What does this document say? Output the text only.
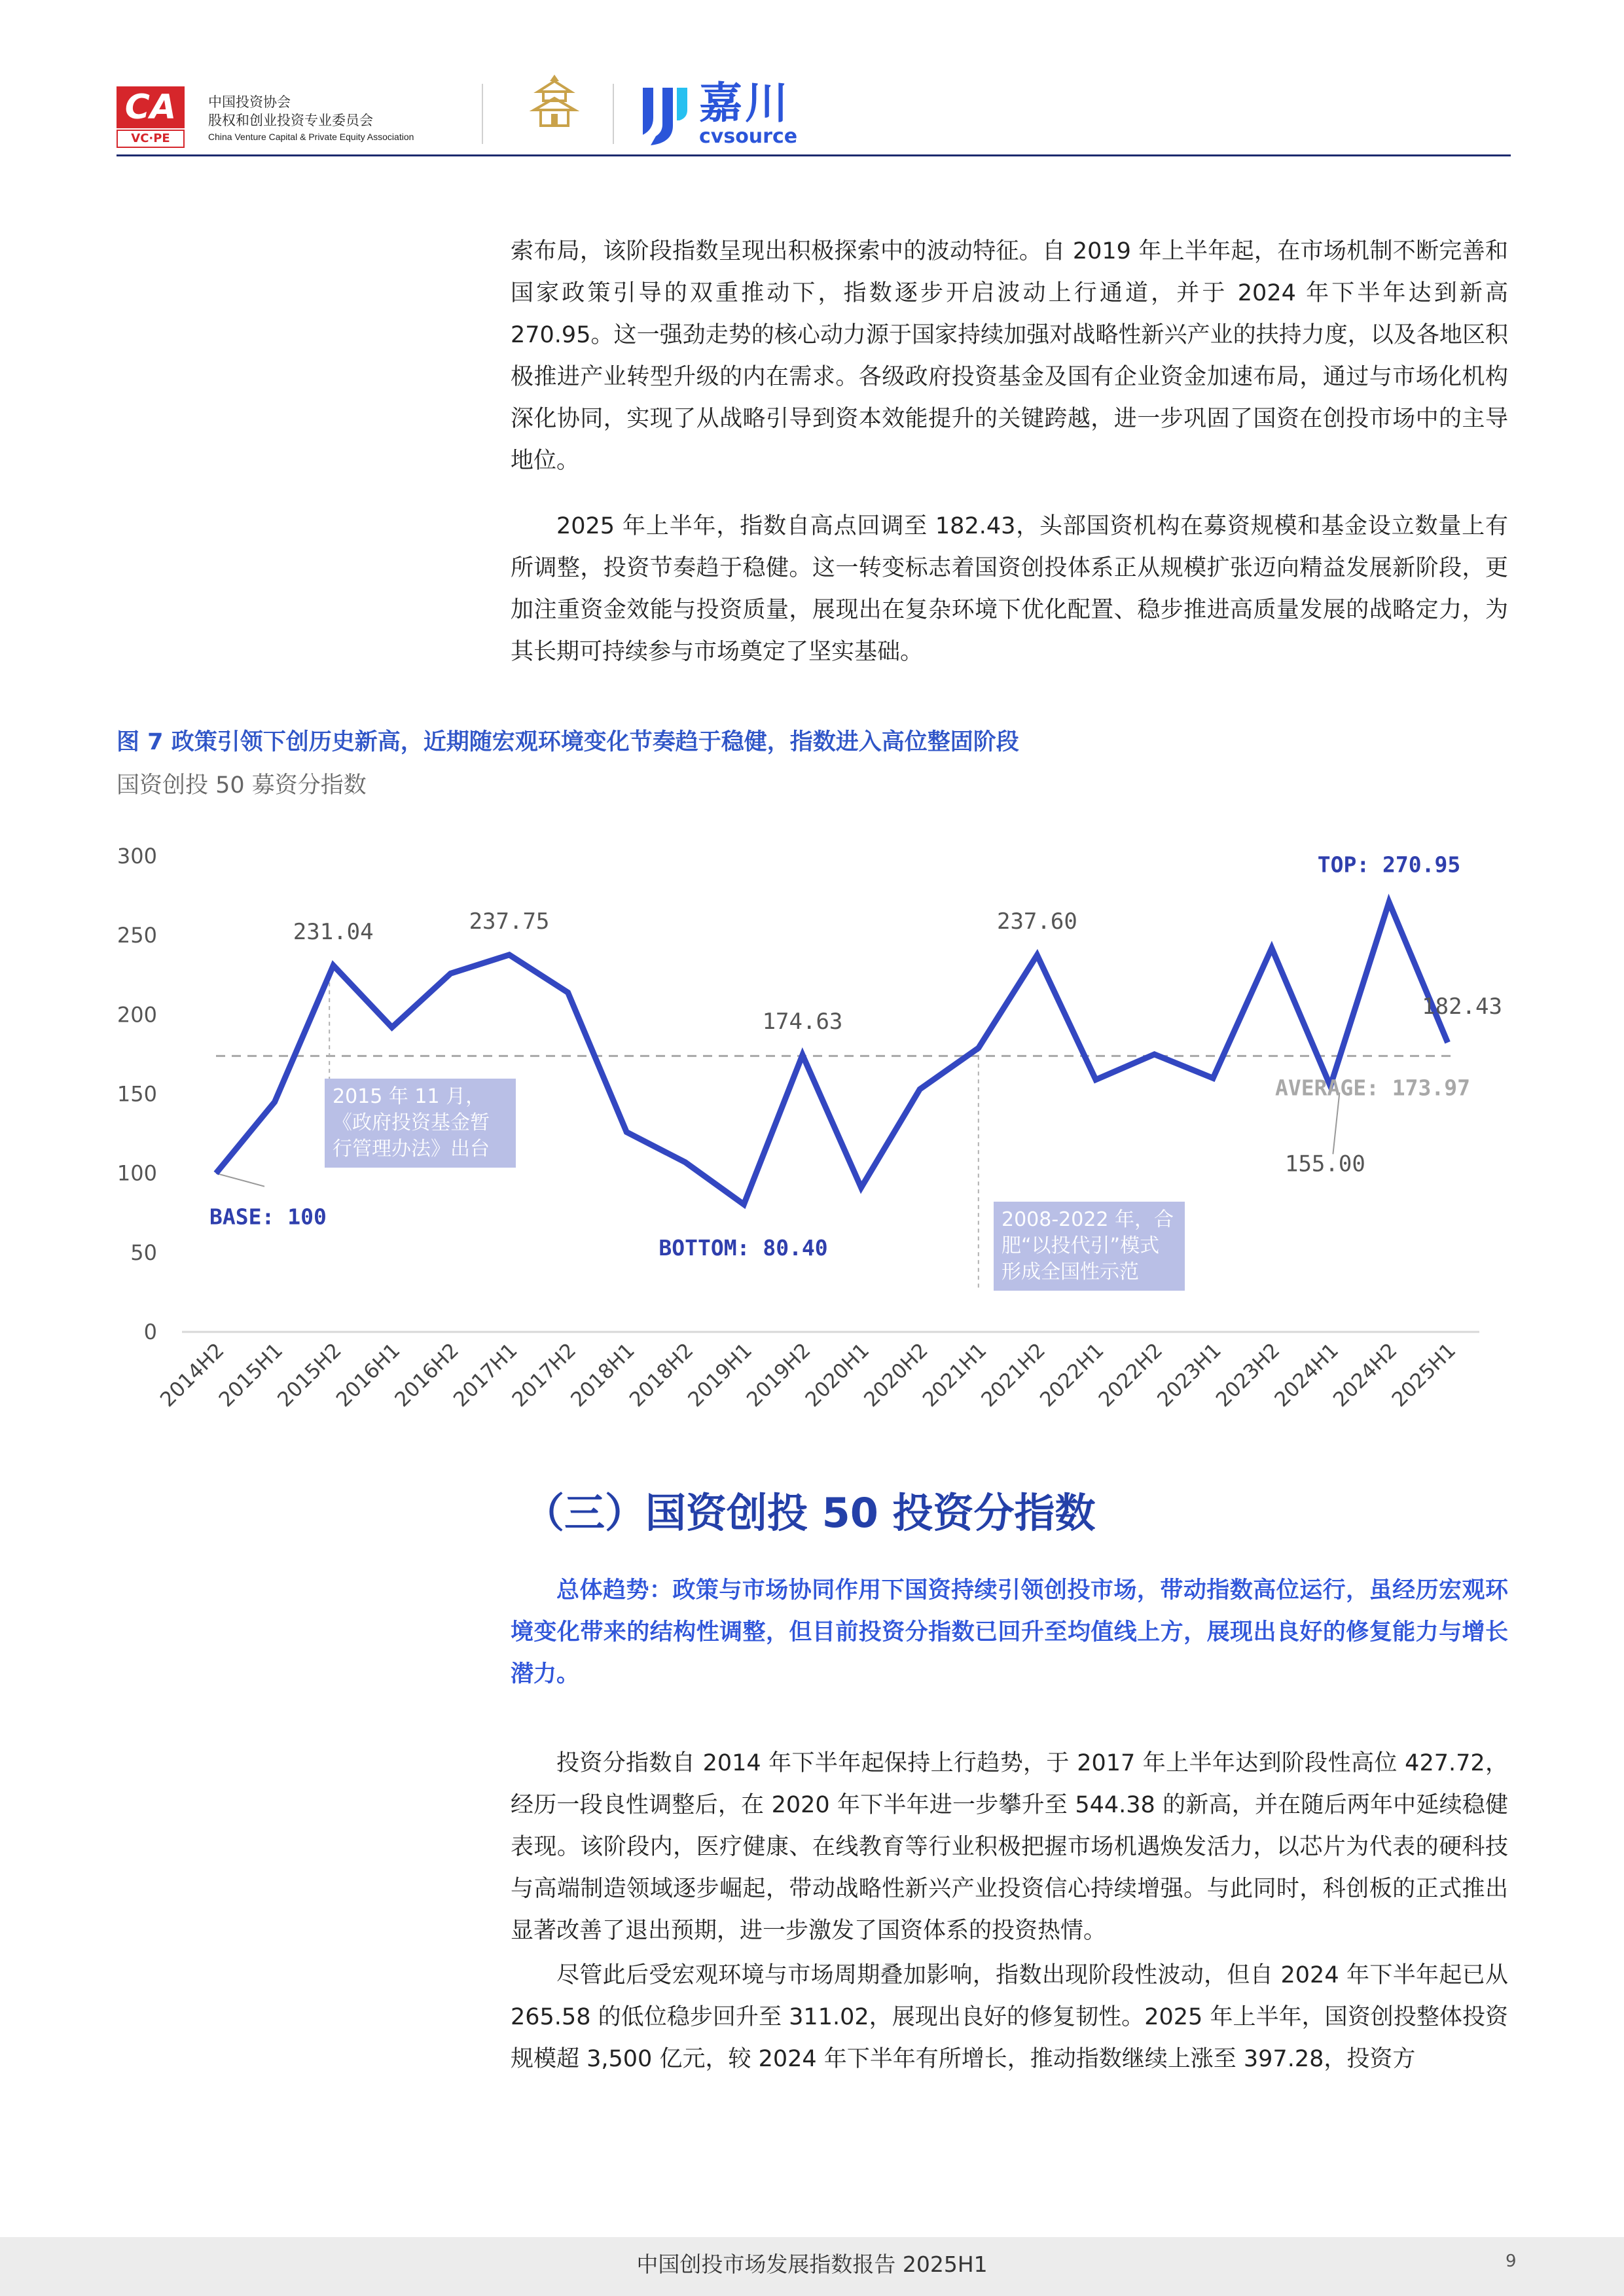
CA
VC·PE
中国投资协会
股权和创业投资专业委员会
China Venture Capital & Private Equity Association
嘉川
cvsource
索布局，该阶段指数呈现出积极探索中的波动特征。自 2019 年上半年起，在市场机制不断完善和国家政策引导的双重推动下，指数逐步开启波动上行通道，并于 2024 年下半年达到新高 270.95。这一强劲走势的核心动力源于国家持续加强对战略性新兴产业的扶持力度，以及各地区积极推进产业转型升级的内在需求。各级政府投资基金及国有企业资金加速布局，通过与市场化机构深化协同，实现了从战略引导到资本效能提升的关键跨越，进一步巩固了国资在创投市场中的主导地位。
2025 年上半年，指数自高点回调至 182.43，头部国资机构在募资规模和基金设立数量上有所调整，投资节奏趋于稳健。这一转变标志着国资创投体系正从规模扩张迈向精益发展新阶段，更加注重资金效能与投资质量，展现出在复杂环境下优化配置、稳步推进高质量发展的战略定力，为其长期可持续参与市场奠定了坚实基础。
图 7 政策引领下创历史新高，近期随宏观环境变化节奏趋于稳健，指数进入高位整固阶段
国资创投 50 募资分指数
0
50
100
150
200
250
300
231.04	237.75
174.63
237.60
155.00
182.43
2014H2
2015H1
2015H2
2016H1
2016H2
2017H1
2017H2
2018H1
2018H2
2019H1
2019H2
2020H1
2020H2
2021H1
2021H2
2022H1
2022H2
2023H1
2023H2
2024H1
2024H2
2025H1
BASE: 100
BOTTOM: 80.40
TOP: 270.95
AVERAGE: 173.97
2015 年 11 月，《政府投资基金暂行管理办法》出台
2008-2022 年，合肥“以投代引”模式形成全国性示范
（三）国资创投 50 投资分指数
总体趋势：政策与市场协同作用下国资持续引领创投市场，带动指数高位运行，虽经历宏观环境变化带来的结构性调整，但目前投资分指数已回升至均值线上方，展现出良好的修复能力与增长潜力。
投资分指数自 2014 年下半年起保持上行趋势，于 2017 年上半年达到阶段性高位 427.72，经历一段良性调整后，在 2020 年下半年进一步攀升至 544.38 的新高，并在随后两年中延续稳健表现。该阶段内，医疗健康、在线教育等行业积极把握市场机遇焕发活力，以芯片为代表的硬科技与高端制造领域逐步崛起，带动战略性新兴产业投资信心持续增强。与此同时，科创板的正式推出显著改善了退出预期，进一步激发了国资体系的投资热情。
尽管此后受宏观环境与市场周期叠加影响，指数出现阶段性波动，但自 2024 年下半年起已从 265.58 的低位稳步回升至 311.02，展现出良好的修复韧性。2025 年上半年，国资创投整体投资规模超 3,500 亿元，较 2024 年下半年有所增长，推动指数继续上涨至 397.28，投资方
中国创投市场发展指数报告 2025H1	9
